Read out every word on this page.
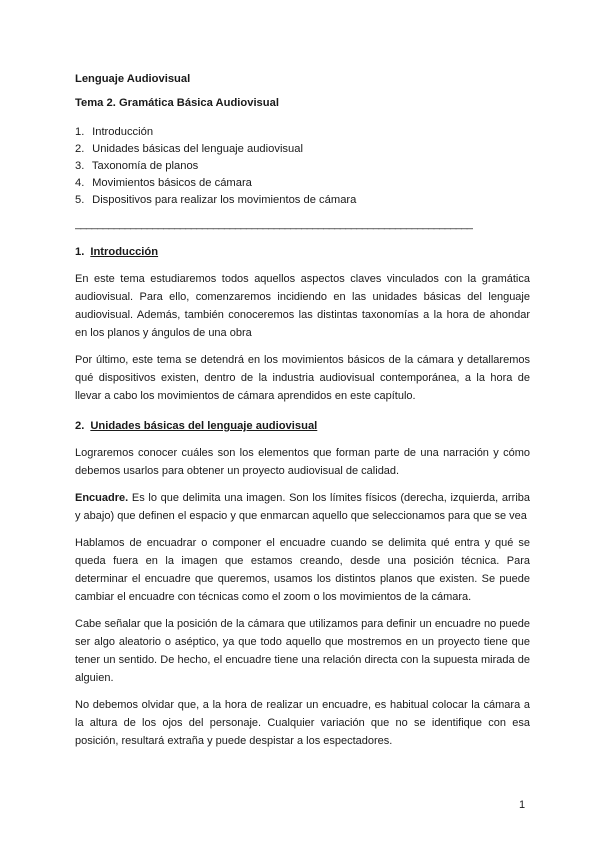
Lenguaje Audiovisual

Tema 2. Gramática Básica Audiovisual

1. Introducción
2. Unidades básicas del lenguaje audiovisual
3. Taxonomía de planos
4. Movimientos básicos de cámara
5. Dispositivos para realizar los movimientos de cámara
________________________________________________________________________

1. Introducción

En este tema estudiaremos todos aquellos aspectos claves vinculados con la gramática audiovisual. Para ello, comenzaremos incidiendo en las unidades básicas del lenguaje audiovisual. Además, también conoceremos las distintas taxonomías a la hora de ahondar en los planos y ángulos de una obra

Por último, este tema se detendrá en los movimientos básicos de la cámara y detallaremos qué dispositivos existen, dentro de la industria audiovisual contemporánea, a la hora de llevar a cabo los movimientos de cámara aprendidos en este capítulo.

2. Unidades básicas del lenguaje audiovisual

Lograremos conocer cuáles son los elementos que forman parte de una narración y cómo debemos usarlos para obtener un proyecto audiovisual de calidad.

Encuadre. Es lo que delimita una imagen. Son los límites físicos (derecha, izquierda, arriba y abajo) que definen el espacio y que enmarcan aquello que seleccionamos para que se vea

Hablamos de encuadrar o componer el encuadre cuando se delimita qué entra y qué se queda fuera en la imagen que estamos creando, desde una posición técnica. Para determinar el encuadre que queremos, usamos los distintos planos que existen. Se puede cambiar el encuadre con técnicas como el zoom o los movimientos de la cámara.

Cabe señalar que la posición de la cámara que utilizamos para definir un encuadre no puede ser algo aleatorio o aséptico, ya que todo aquello que mostremos en un proyecto tiene que tener un sentido. De hecho, el encuadre tiene una relación directa con la supuesta mirada de alguien.

No debemos olvidar que, a la hora de realizar un encuadre, es habitual colocar la cámara a la altura de los ojos del personaje. Cualquier variación que no se identifique con esa posición, resultará extraña y puede despistar a los espectadores.

1
